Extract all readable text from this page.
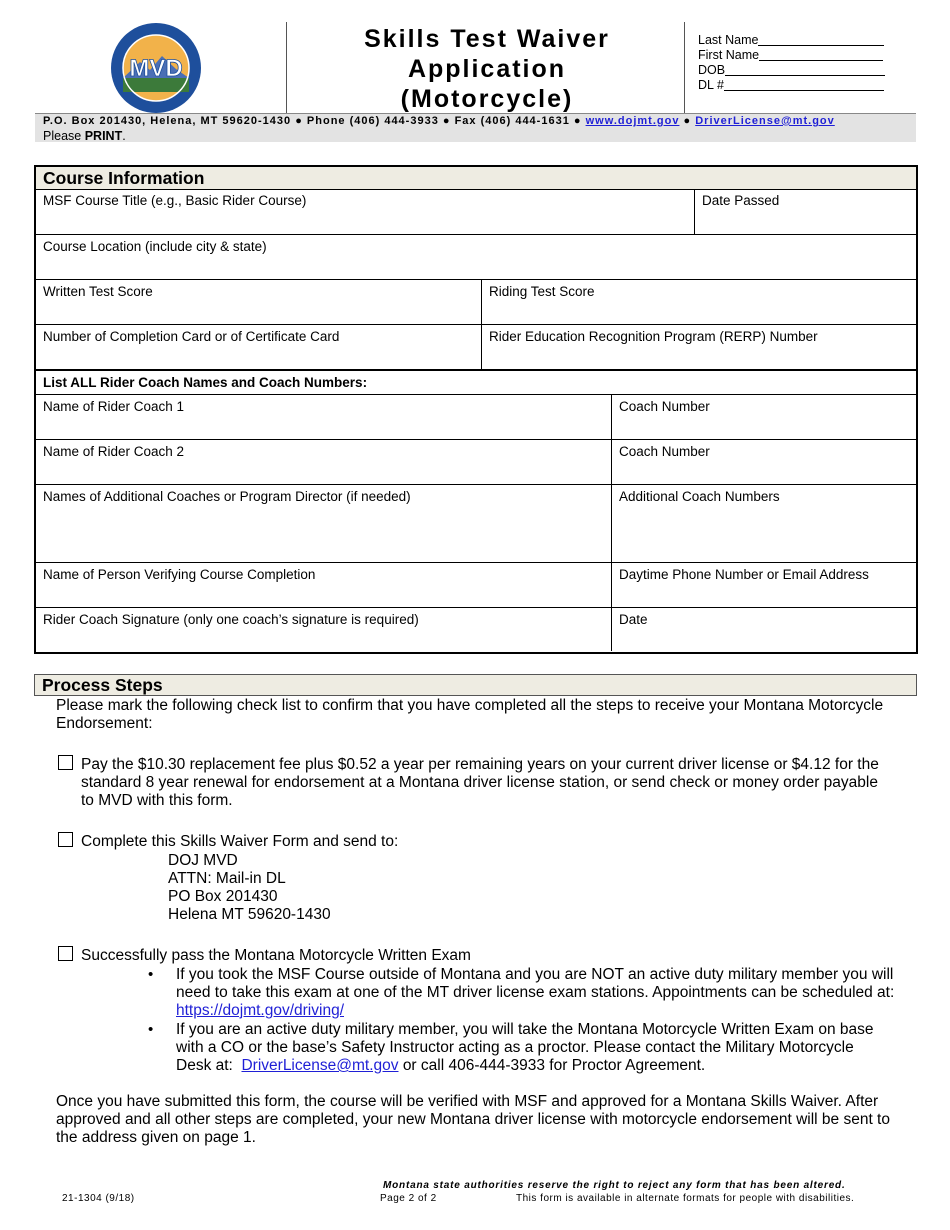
MVD
Skills Test Waiver
Application
(Motorcycle)
Last Name
First Name
DOB
DL #
P.O. Box 201430, Helena, MT 59620-1430 ● Phone (406) 444-3933 ● Fax (406) 444-1631 ● www.dojmt.gov ● DriverLicense@mt.gov
Please PRINT.
Course Information
MSF Course Title (e.g., Basic Rider Course)	Date Passed
Course Location (include city & state)
Written Test Score	Riding Test Score
Number of Completion Card or of Certificate Card	Rider Education Recognition Program (RERP) Number
List ALL Rider Coach Names and Coach Numbers:
Name of Rider Coach 1	Coach Number
Name of Rider Coach 2	Coach Number
Names of Additional Coaches or Program Director (if needed)	Additional Coach Numbers
Name of Person Verifying Course Completion	Daytime Phone Number or Email Address
Rider Coach Signature (only one coach’s signature is required)	Date
Process Steps
Please mark the following check list to confirm that you have completed all the steps to receive your Montana Motorcycle
Endorsement:
Pay the $10.30 replacement fee plus $0.52 a year per remaining years on your current driver license or $4.12 for the
standard 8 year renewal for endorsement at a Montana driver license station, or send check or money order payable
to MVD with this form.
Complete this Skills Waiver Form and send to:
DOJ MVD
ATTN: Mail-in DL
PO Box 201430
Helena MT 59620-1430
Successfully pass the Montana Motorcycle Written Exam
• If you took the MSF Course outside of Montana and you are NOT an active duty military member you will
need to take this exam at one of the MT driver license exam stations. Appointments can be scheduled at:
https://dojmt.gov/driving/
• If you are an active duty military member, you will take the Montana Motorcycle Written Exam on base
with a CO or the base’s Safety Instructor acting as a proctor. Please contact the Military Motorcycle
Desk at: DriverLicense@mt.gov or call 406-444-3933 for Proctor Agreement.
Once you have submitted this form, the course will be verified with MSF and approved for a Montana Skills Waiver. After
approved and all other steps are completed, your new Montana driver license with motorcycle endorsement will be sent to
the address given on page 1.
Montana state authorities reserve the right to reject any form that has been altered.
21-1304 (9/18)	Page 2 of 2	This form is available in alternate formats for people with disabilities.
